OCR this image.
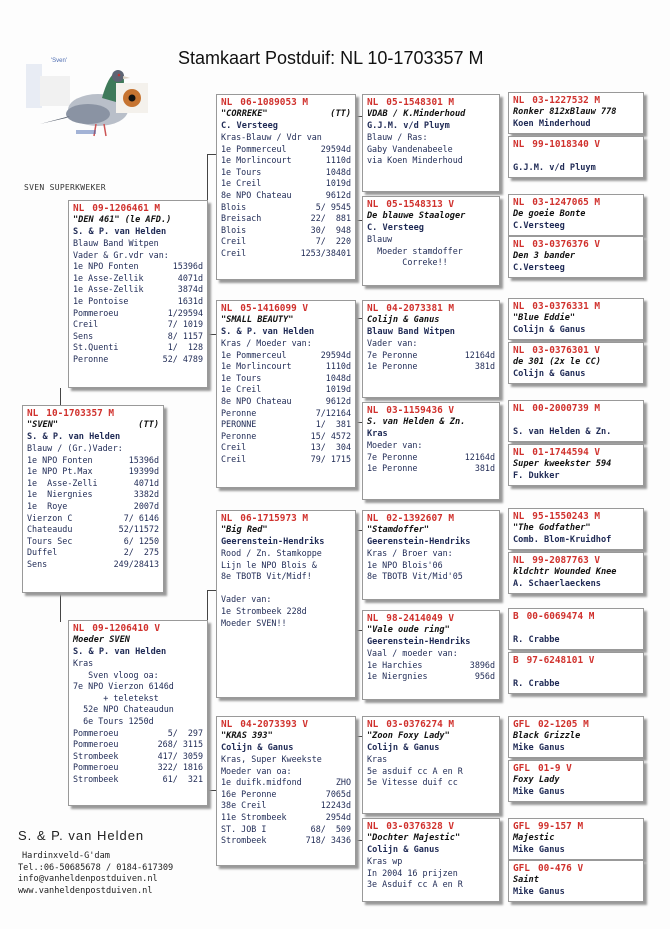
Stamkaart Postduif: NL 10-1703357 M
'Sven'
SVEN SUPERKWEKER
NL 10-1703357 M
"SVEN"	(TT)
S. & P. van Helden
Blauw / (Gr.)Vader:
1e NPO Fonten	15396d
1e NPO Pt.Max	19399d
1e  Asse-Zelli	4071d
1e  Niergnies	3382d
1e  Roye	2007d
Vierzon C	7/ 6146
Chateaudu	52/11572
Tours Sec	6/ 1250
Duffel	2/  275
Sens	249/28413
NL 09-1206461 M
"DEN 461" (le AFD.)
S. & P. van Helden
Blauw Band Witpen
Vader & Gr.vdr van:
1e NPO Fonten	15396d
1e Asse-Zellik	4071d
1e Asse-Zellik	3874d
1e Pontoise	1631d
Pommeroeu	1/29594
Creil	7/ 1019
Sens	8/ 1157
St.Quenti	1/  128
Peronne	52/ 4789
NL 09-1206410 V
Moeder SVEN
S. & P. van Helden
Kras
Sven vloog oa:
7e NPO Vierzon 6146d
+ teletekst
52e NPO Chateaudun
6e Tours 1250d
Pommeroeu	5/  297
Pommeroeu	268/ 3115
Strombeek	417/ 3059
Pommeroeu	322/ 1816
Strombeek	61/  321
NL 06-1089053 M
"CORREKE"	(TT)
C. Versteeg
Kras-Blauw / Vdr van
1e Pommerceul	29594d
1e Morlincourt	1110d
1e Tours	1048d
1e Creil	1019d
8e NPO Chateau	9612d
Blois	5/ 9545
Breisach	22/  881
Blois	30/  948
Creil	7/  220
Creil	1253/38401
NL 05-1416099 V
"SMALL BEAUTY"
S. & P. van Helden
Kras / Moeder van:
1e Pommerceul	29594d
1e Morlincourt	1110d
1e Tours	1048d
1e Creil	1019d
8e NPO Chateau	9612d
Peronne	7/12164
PERONNE	1/  381
Peronne	15/ 4572
Creil	13/  304
Creil	79/ 1715
NL 06-1715973 M
"Big Red"
Geerenstein-Hendriks
Rood / Zn. Stamkoppe
Lijn le NPO Blois &
8e TBOTB Vit/Midf!

Vader van:
1e Strombeek 228d
Moeder SVEN!!
NL 04-2073393 V
"KRAS 393"
Colijn & Ganus
Kras, Super Kweekste
Moeder van oa:
1e duifk.midfond	ZHO
16e Peronne	7065d
38e Creil	12243d
11e Strombeek	2954d
ST. JOB I	68/  509
Strombeek	718/ 3436
NL 05-1548301 M
VDAB / K.Minderhoud
G.J.M. v/d Pluym
Blauw / Ras:
Gaby Vandenabeele
via Koen Minderhoud
NL 05-1548313 V
De blauwe Staaloger
C. Versteeg
Blauw
Moeder stamdoffer
Correke!!
NL 04-2073381 M
Colijn & Ganus
Blauw Band Witpen
Vader van:
7e Peronne	12164d
1e Peronne	381d
NL 03-1159436 V
S. van Helden & Zn.
Kras
Moeder van:
7e Peronne	12164d
1e Peronne	381d
NL 02-1392607 M
"Stamdoffer"
Geerenstein-Hendriks
Kras / Broer van:
1e NPO Blois'06
8e TBOTB Vit/Mid'05
NL 98-2414049 V
"Vale oude ring"
Geerenstein-Hendriks
Vaal / moeder van:
1e Harchies	3896d
1e Niergnies	956d
NL 03-0376274 M
"Zoon Foxy Lady"
Colijn & Ganus
Kras
5e asduif cc A en R
5e Vitesse duif cc
NL 03-0376328 V
"Dochter Majestic"
Colijn & Ganus
Kras wp
In 2004 16 prijzen
3e Asduif cc A en R
NL 03-1227532 M
Ronker 812xBlauw 778
Koen Minderhoud
NL 99-1018340 V

G.J.M. v/d Pluym
NL 03-1247065 M
De goeie Bonte
C.Versteeg
NL 03-0376376 V
Den 3 bander
C.Versteeg
NL 03-0376331 M
"Blue Eddie"
Colijn & Ganus
NL 03-0376301 V
de 301 (2x le CC)
Colijn & Ganus
NL 00-2000739 M

S. van Helden & Zn.
NL 01-1744594 V
Super kweekster 594
F. Dukker
NL 95-1550243 M
"The Godfather"
Comb. Blom-Kruidhof
NL 99-2087763 V
kldchtr Wounded Knee
A. Schaerlaeckens
B 00-6069474 M

R. Crabbe
B 97-6248101 V

R. Crabbe
GFL 02-1205 M
Black Grizzle
Mike Ganus
GFL 01-9 V
Foxy Lady
Mike Ganus
GFL 99-157 M
Majestic
Mike Ganus
GFL 00-476 V
Saint
Mike Ganus
S. & P. van Helden
Hardinxveld-G'dam
Tel.:06-50685678 / 0184-617309
info@vanheldenpostduiven.nl
www.vanheldenpostduiven.nl
